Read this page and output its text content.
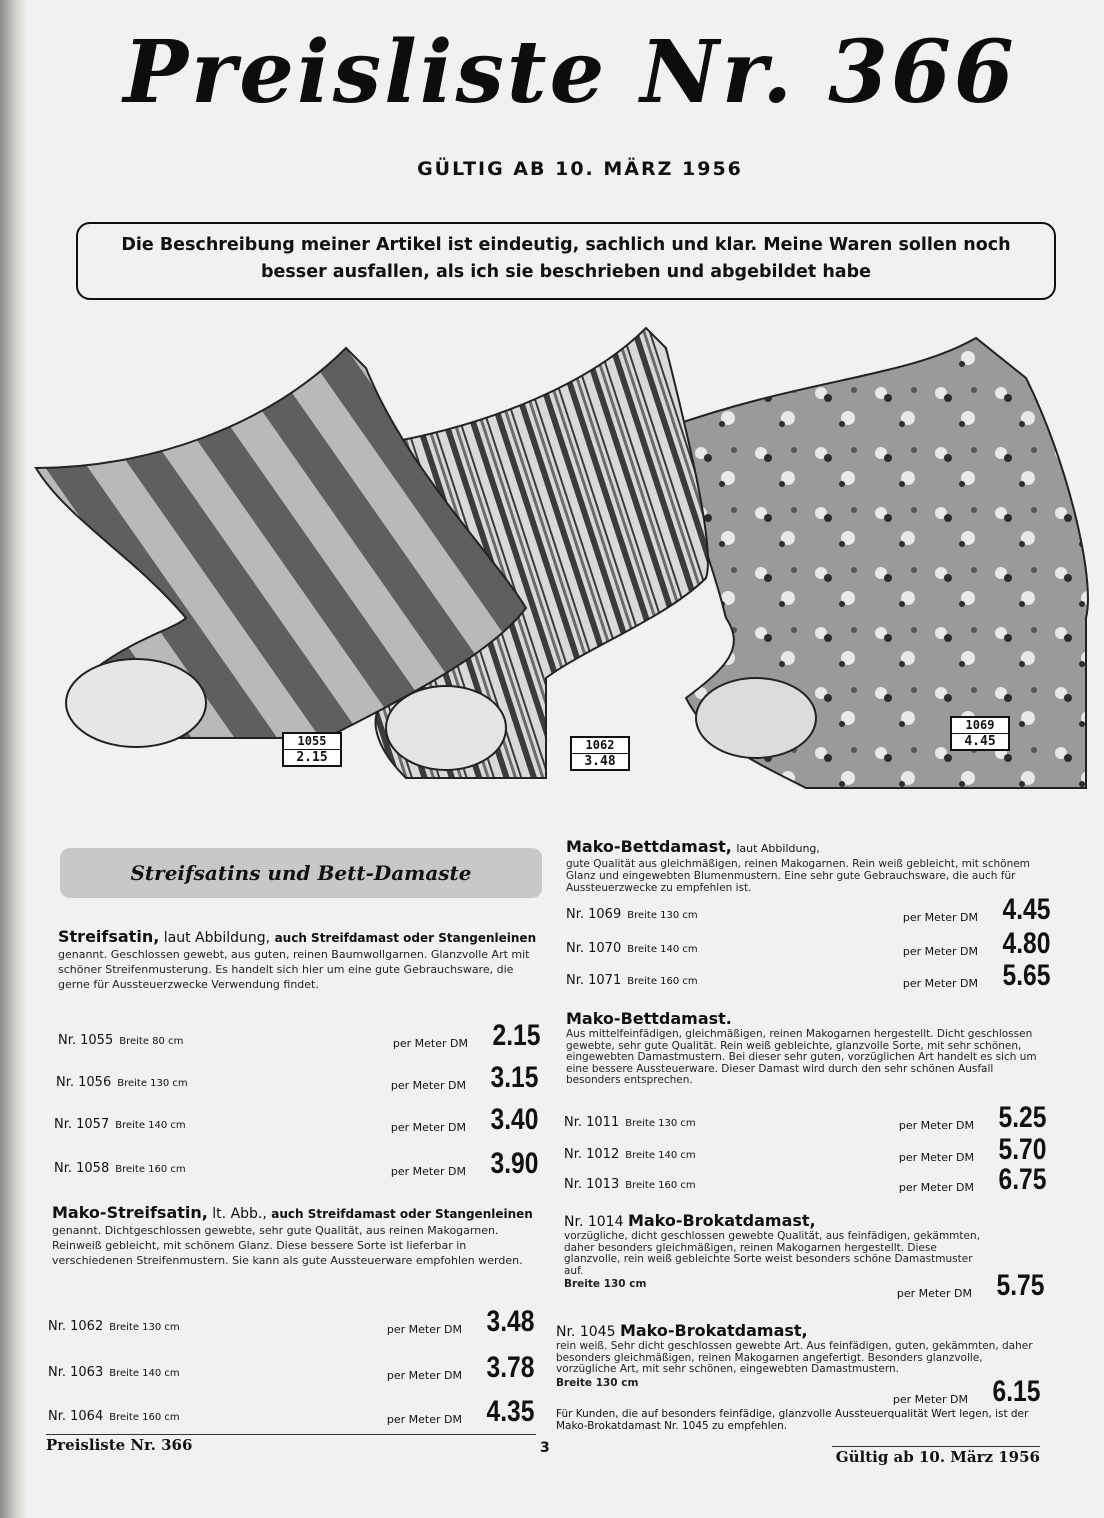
Preisliste Nr. 366
GÜLTIG AB 10. MÄRZ 1956
Die Beschreibung meiner Artikel ist eindeutig, sachlich und klar. Meine Waren sollen noch besser ausfallen, als ich sie beschrieben und abgebildet habe
1055
2.15
1062
3.48
1069
4.45
Streifsatins und Bett-Damaste
Streifsatin, laut Abbildung, auch Streifdamast oder Stangenleinen
genannt. Geschlossen gewebt, aus guten, reinen Baumwollgarnen. Glanzvolle Art mit schöner Streifenmusterung. Es handelt sich hier um eine gute Gebrauchsware, die gerne für Aussteuerzwecke Verwendung findet.
Nr. 1055 Breite 80 cm	per Meter DM 2.15
Nr. 1056 Breite 130 cm	per Meter DM 3.15
Nr. 1057 Breite 140 cm	per Meter DM 3.40
Nr. 1058 Breite 160 cm	per Meter DM 3.90
Mako-Streifsatin, lt. Abb., auch Streifdamast oder Stangenleinen
genannt. Dichtgeschlossen gewebte, sehr gute Qualität, aus reinen Makogarnen. Reinweiß gebleicht, mit schönem Glanz. Diese bessere Sorte ist lieferbar in verschiedenen Streifenmustern. Sie kann als gute Aussteuerware empfohlen werden.
Nr. 1062 Breite 130 cm	per Meter DM 3.48
Nr. 1063 Breite 140 cm	per Meter DM 3.78
Nr. 1064 Breite 160 cm	per Meter DM 4.35
Mako-Bettdamast, laut Abbildung,
gute Qualität aus gleichmäßigen, reinen Makogarnen. Rein weiß gebleicht, mit schönem Glanz und eingewebten Blumenmustern. Eine sehr gute Gebrauchsware, die auch für Aussteuerzwecke zu empfehlen ist.
Nr. 1069 Breite 130 cm	per Meter DM 4.45
Nr. 1070 Breite 140 cm	per Meter DM 4.80
Nr. 1071 Breite 160 cm	per Meter DM 5.65
Mako-Bettdamast.
Aus mittelfeinfädigen, gleichmäßigen, reinen Makogarnen hergestellt. Dicht geschlossen gewebte, sehr gute Qualität. Rein weiß gebleichte, glanzvolle Sorte, mit sehr schönen, eingewebten Damastmustern. Bei dieser sehr guten, vorzüglichen Art handelt es sich um eine bessere Aussteuerware. Dieser Damast wird durch den sehr schönen Ausfall besonders entsprechen.
Nr. 1011 Breite 130 cm	per Meter DM 5.25
Nr. 1012 Breite 140 cm	per Meter DM 5.70
Nr. 1013 Breite 160 cm	per Meter DM 6.75
Nr. 1014 Mako-Brokatdamast,
vorzügliche, dicht geschlossen gewebte Qualität, aus feinfädigen, gekämmten, daher besonders gleichmäßigen, reinen Makogarnen hergestellt. Diese glanzvolle, rein weiß gebleichte Sorte weist besonders schöne Damastmuster auf.
Breite 130 cm
per Meter DM 5.75
Nr. 1045 Mako-Brokatdamast,
rein weiß. Sehr dicht geschlossen gewebte Art. Aus feinfädigen, guten, gekämmten, daher besonders gleichmäßigen, reinen Makogarnen angefertigt. Besonders glanzvolle, vorzügliche Art, mit sehr schönen, eingewebten Damastmustern.
Breite 130 cm
per Meter DM 6.15
Für Kunden, die auf besonders feinfädige, glanzvolle Aussteuerqualität Wert legen, ist der Mako-Brokatdamast Nr. 1045 zu empfehlen.
Preisliste Nr. 366	3	Gültig ab 10. März 1956
